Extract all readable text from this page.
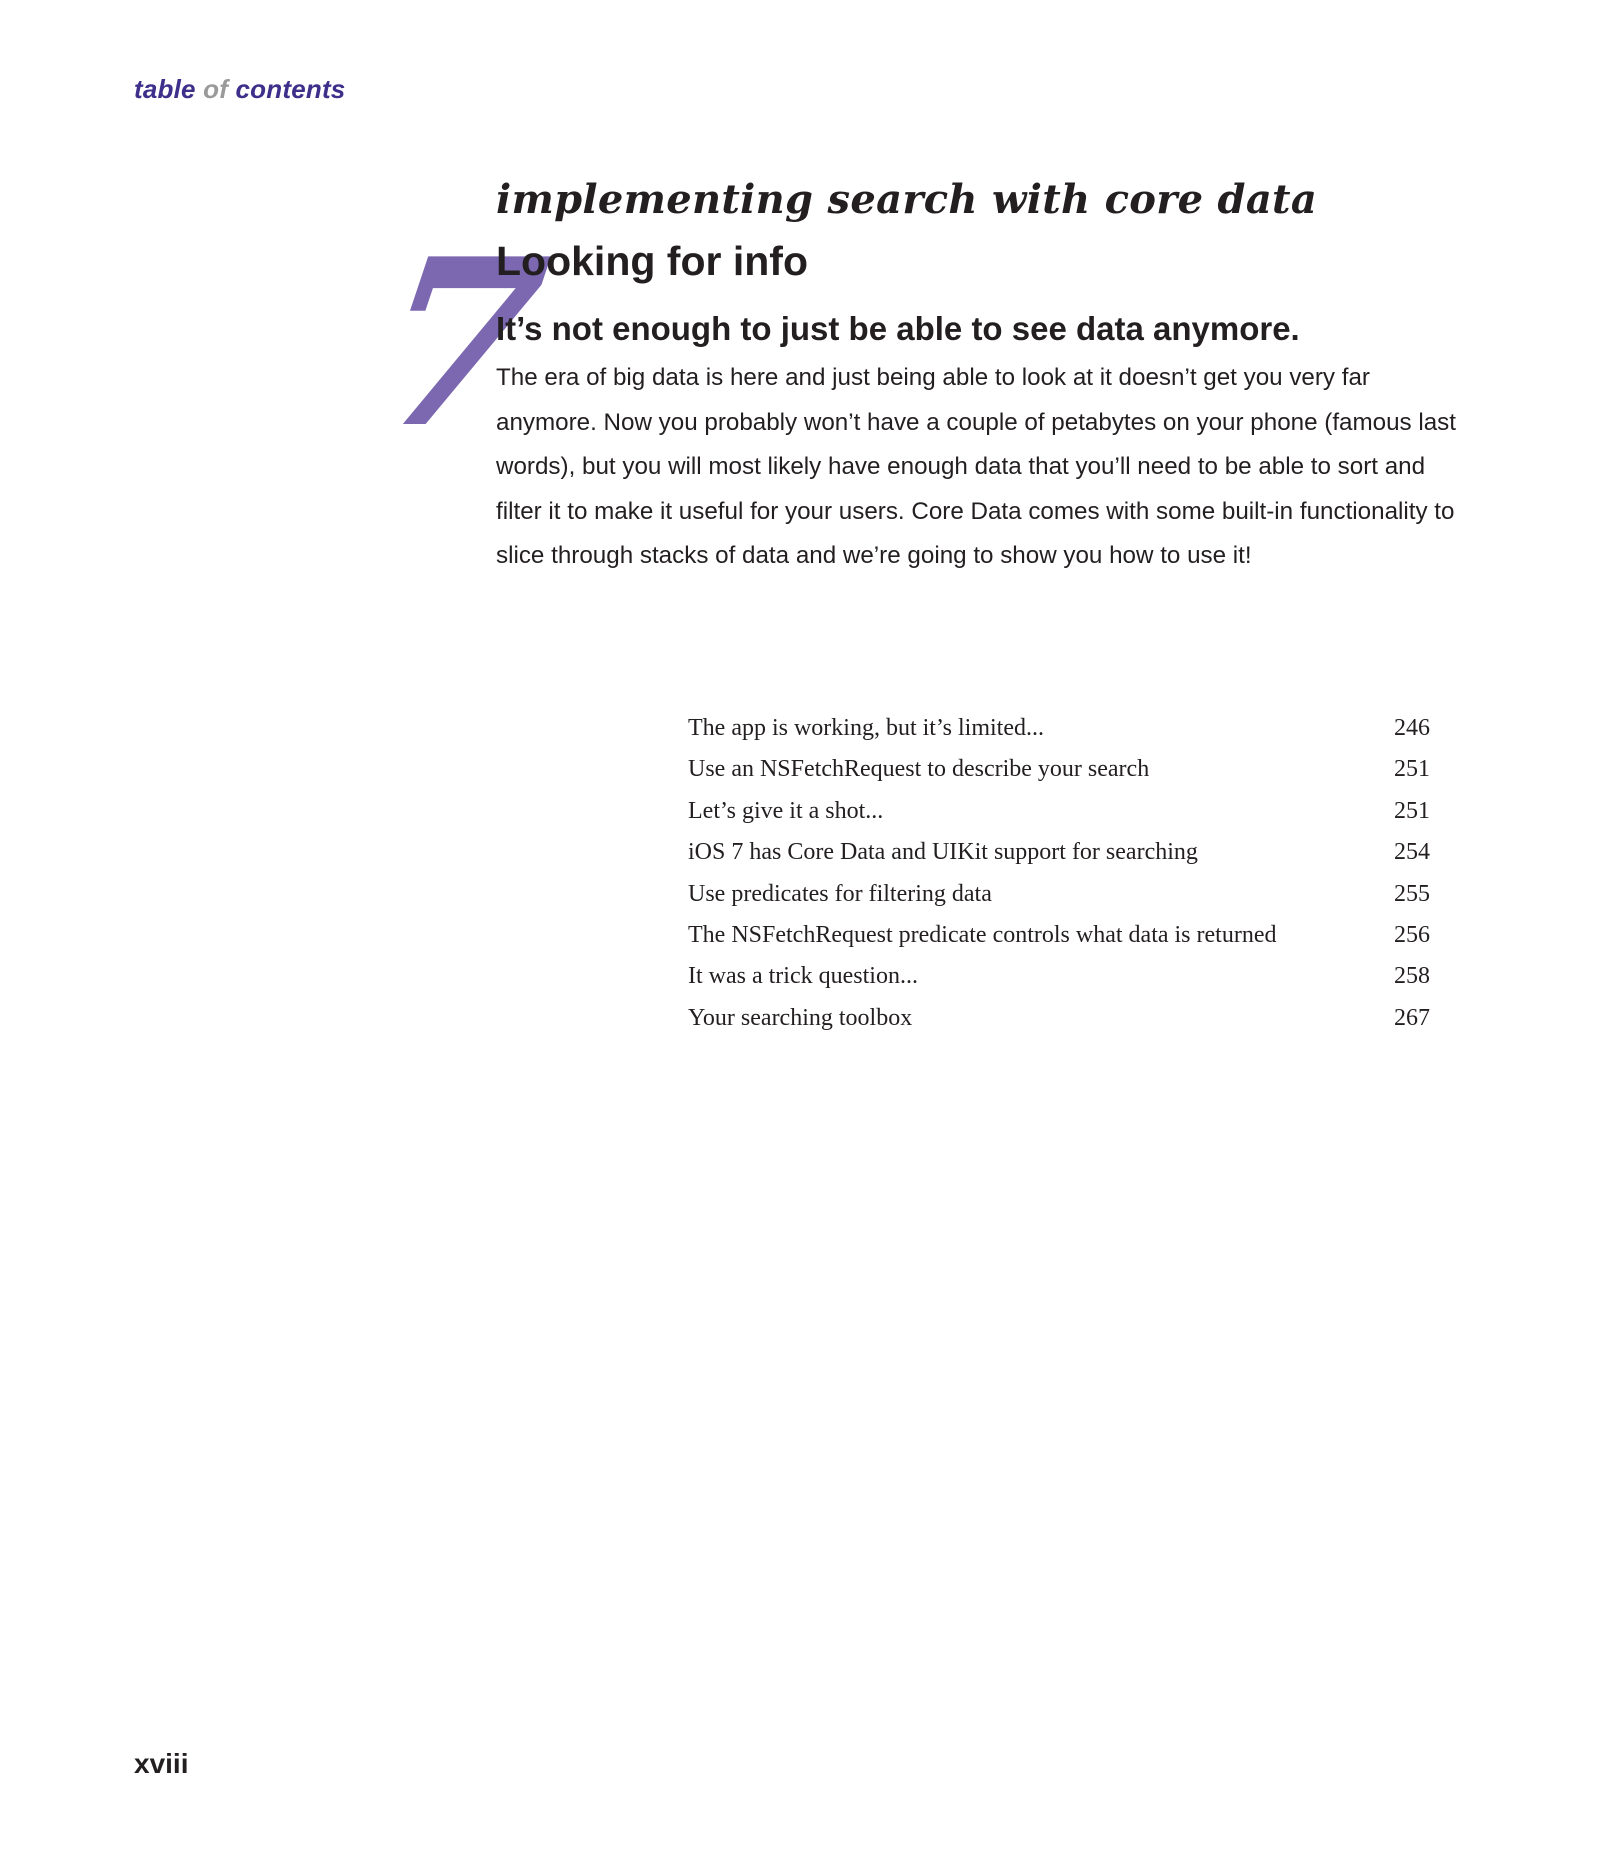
table of contents
7
implementing search with core data
Looking for info
It’s not enough to just be able to see data anymore.

The era of big data is here and just being able to look at it doesn’t get you very far anymore. Now you probably won’t have a couple of petabytes on your phone (famous last words), but you will most likely have enough data that you’ll need to be able to sort and filter it to make it useful for your users. Core Data comes with some built-in functionality to slice through stacks of data and we’re going to show you how to use it!

The app is working, but it’s limited...	246
Use an NSFetchRequest to describe your search	251
Let’s give it a shot...	251
iOS 7 has Core Data and UIKit support for searching	254
Use predicates for filtering data	255
The NSFetchRequest predicate controls what data is returned	256
It was a trick question...	258
Your searching toolbox	267
xviii
